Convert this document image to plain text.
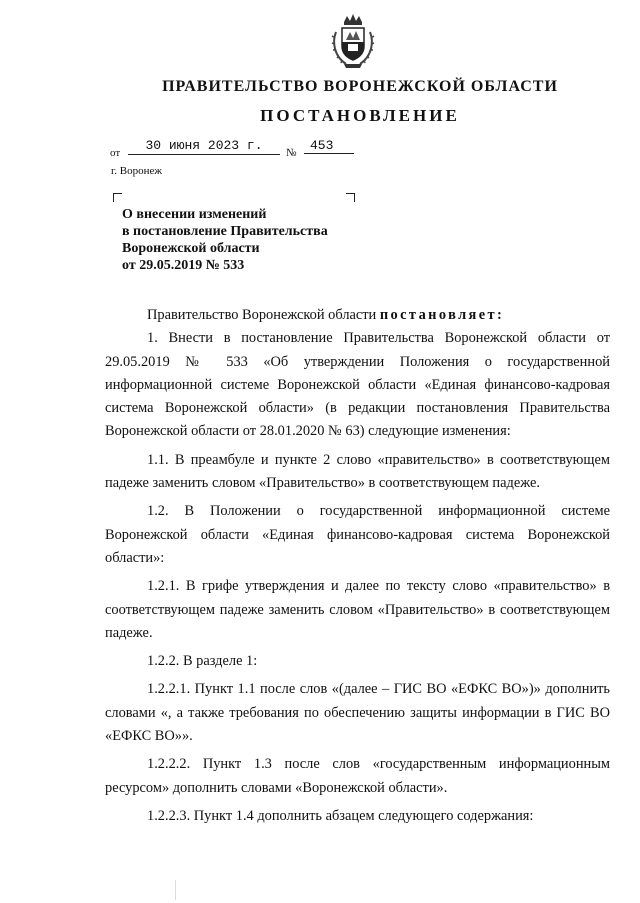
ПРАВИТЕЛЬСТВО ВОРОНЕЖСКОЙ ОБЛАСТИ
ПОСТАНОВЛЕНИЕ
от	30 июня 2023 г.	№	453
г. Воронеж
О внесении изменений
в постановление Правительства
Воронежской области
от 29.05.2019 № 533

Правительство Воронежской области постановляет:

1. Внести в постановление Правительства Воронежской области от 29.05.2019 № 533 «Об утверждении Положения о государственной информационной системе Воронежской области «Единая финансово-кадровая система Воронежской области» (в редакции постановления Правительства Воронежской области от 28.01.2020 № 63) следующие изменения:

1.1. В преамбуле и пункте 2 слово «правительство» в соответствующем падеже заменить словом «Правительство» в соответствующем падеже.

1.2. В Положении о государственной информационной системе Воронежской области «Единая финансово-кадровая система Воронежской области»:

1.2.1. В грифе утверждения и далее по тексту слово «правительство» в соответствующем падеже заменить словом «Правительство» в соответствующем падеже.

1.2.2. В разделе 1:

1.2.2.1. Пункт 1.1 после слов «(далее – ГИС ВО «ЕФКС ВО»)» дополнить словами «, а также требования по обеспечению защиты информации в ГИС ВО «ЕФКС ВО»».

1.2.2.2. Пункт 1.3 после слов «государственным информационным ресурсом» дополнить словами «Воронежской области».

1.2.2.3. Пункт 1.4 дополнить абзацем следующего содержания:
